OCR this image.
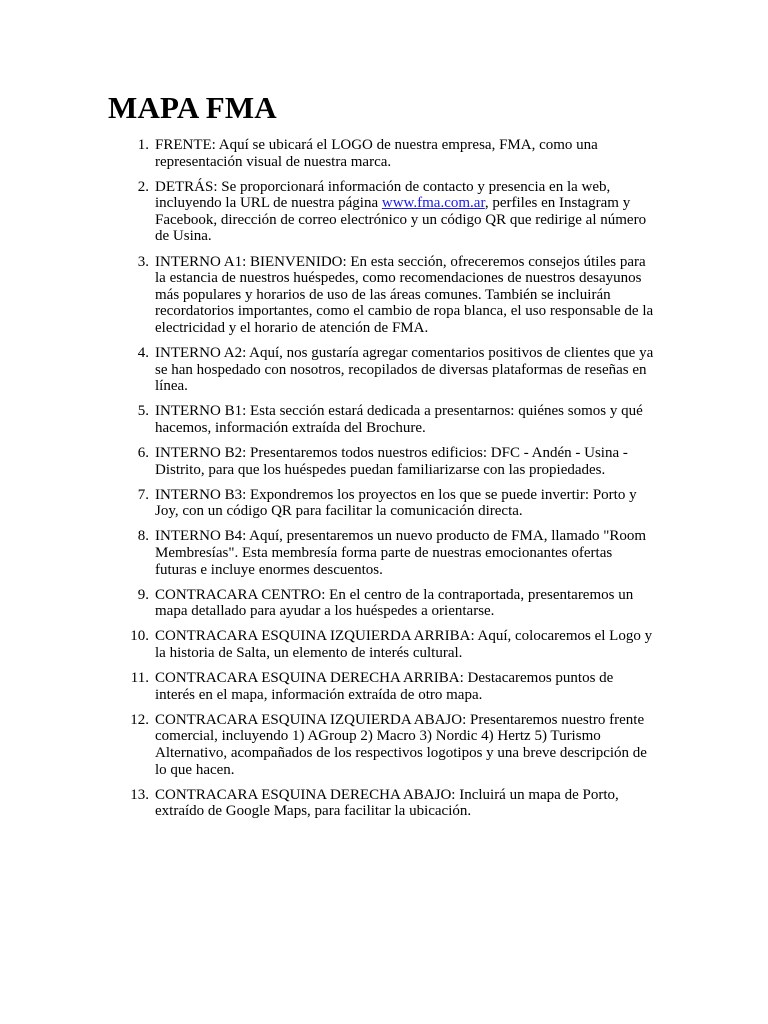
MAPA FMA
1. FRENTE: Aquí se ubicará el LOGO de nuestra empresa, FMA, como una representación visual de nuestra marca.
2. DETRÁS: Se proporcionará información de contacto y presencia en la web, incluyendo la URL de nuestra página www.fma.com.ar, perfiles en Instagram y Facebook, dirección de correo electrónico y un código QR que redirige al número de Usina.
3. INTERNO A1: BIENVENIDO: En esta sección, ofreceremos consejos útiles para la estancia de nuestros huéspedes, como recomendaciones de nuestros desayunos más populares y horarios de uso de las áreas comunes. También se incluirán recordatorios importantes, como el cambio de ropa blanca, el uso responsable de la electricidad y el horario de atención de FMA.
4. INTERNO A2: Aquí, nos gustaría agregar comentarios positivos de clientes que ya se han hospedado con nosotros, recopilados de diversas plataformas de reseñas en línea.
5. INTERNO B1: Esta sección estará dedicada a presentarnos: quiénes somos y qué hacemos, información extraída del Brochure.
6. INTERNO B2: Presentaremos todos nuestros edificios: DFC - Andén - Usina - Distrito, para que los huéspedes puedan familiarizarse con las propiedades.
7. INTERNO B3: Expondremos los proyectos en los que se puede invertir: Porto y Joy, con un código QR para facilitar la comunicación directa.
8. INTERNO B4: Aquí, presentaremos un nuevo producto de FMA, llamado "Room Membresías". Esta membresía forma parte de nuestras emocionantes ofertas futuras e incluye enormes descuentos.
9. CONTRACARA CENTRO: En el centro de la contraportada, presentaremos un mapa detallado para ayudar a los huéspedes a orientarse.
10. CONTRACARA ESQUINA IZQUIERDA ARRIBA: Aquí, colocaremos el Logo y la historia de Salta, un elemento de interés cultural.
11. CONTRACARA ESQUINA DERECHA ARRIBA: Destacaremos puntos de interés en el mapa, información extraída de otro mapa.
12. CONTRACARA ESQUINA IZQUIERDA ABAJO: Presentaremos nuestro frente comercial, incluyendo 1) AGroup 2) Macro 3) Nordic 4) Hertz 5) Turismo Alternativo, acompañados de los respectivos logotipos y una breve descripción de lo que hacen.
13. CONTRACARA ESQUINA DERECHA ABAJO: Incluirá un mapa de Porto, extraído de Google Maps, para facilitar la ubicación.
